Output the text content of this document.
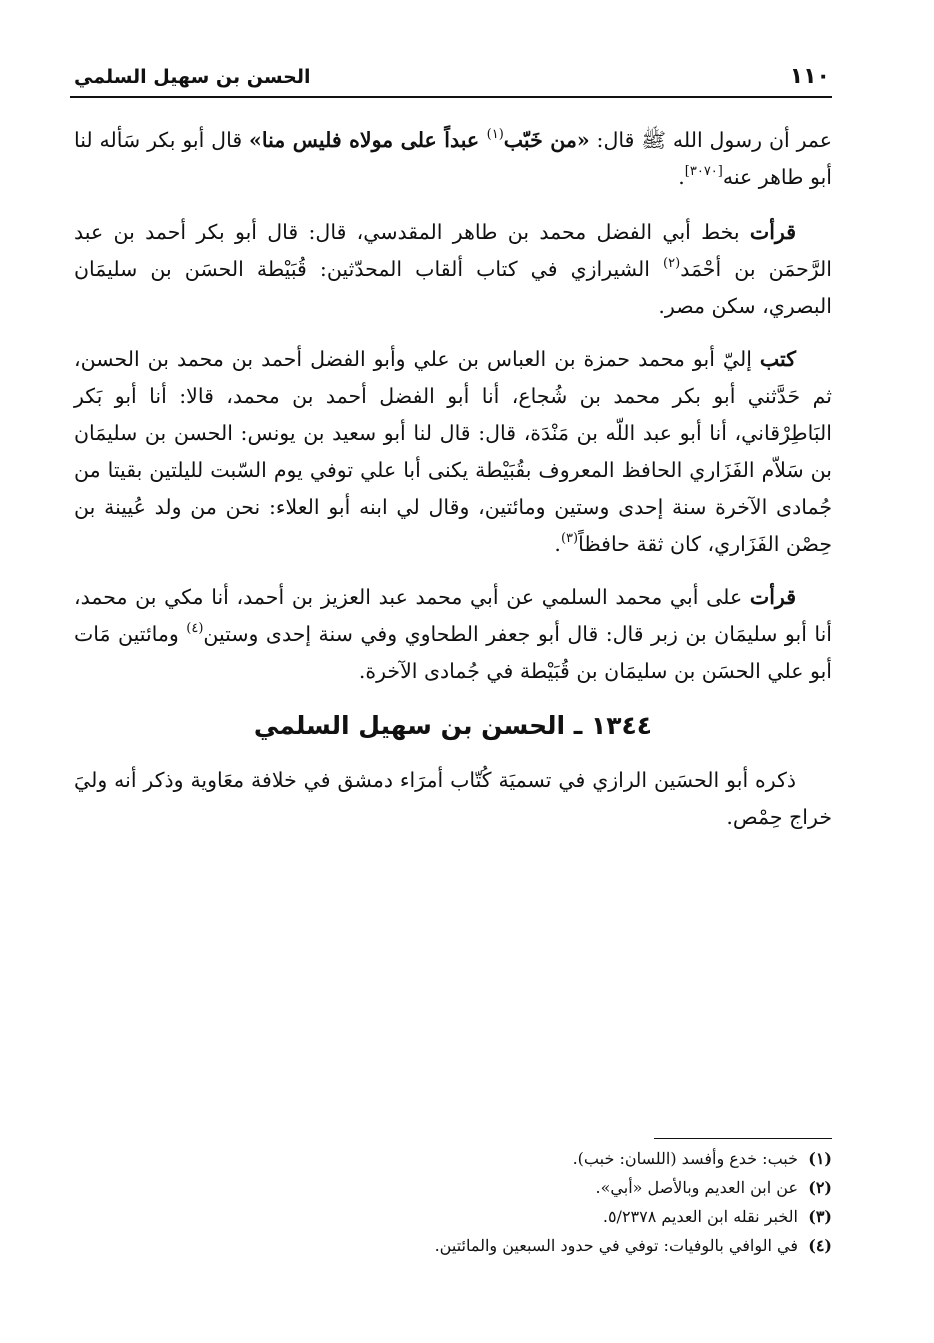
١١٠
الحسن بن سهيل السلمي

عمر أن رسول الله ﷺ قال: «من خَبّب$^{(١)}$ عبداً على مولاه فليس منا» قال أبو بكر سَأله لنا أبو طاهر عنه[٣٠٧٠].

قرأت بخط أبي الفضل محمد بن طاهر المقدسي، قال: قال أبو بكر أحمد بن عبد الرَّحمَن بن أحْمَد$^{(٢)}$ الشيرازي في كتاب ألقاب المحدّثين: قُبَيْطة الحسَن بن سليمَان البصري، سكن مصر.

كتب إليّ أبو محمد حمزة بن العباس بن علي وأبو الفضل أحمد بن محمد بن الحسن، ثم حَدَّثني أبو بكر محمد بن شُجاع، أنا أبو الفضل أحمد بن محمد، قالا: أنا أبو بَكر البَاطِرْقاني، أنا أبو عبد اللّه بن مَنْدَة، قال: قال لنا أبو سعيد بن يونس: الحسن بن سليمَان بن سَلاّم الفَزَاري الحافظ المعروف بقُبَيْطة يكنى أبا علي توفي يوم السّبت لليلتين بقيتا من جُمادى الآخرة سنة إحدى وستين ومائتين، وقال لي ابنه أبو العلاء: نحن من ولد عُيينة بن حِصْن الفَزَاري، كان ثقة حافظاً$^{(٣)}$.

قرأت على أبي محمد السلمي عن أبي محمد عبد العزيز بن أحمد، أنا مكي بن محمد، أنا أبو سليمَان بن زبر قال: قال أبو جعفر الطحاوي وفي سنة إحدى وستين$^{(٤)}$ ومائتين مَات أبو علي الحسَن بن سليمَان بن قُبَيْطة في جُمادى الآخرة.

١٣٤٤ ـ الحسن بن سهيل السلمي

ذكره أبو الحسَين الرازي في تسميَة كُتّاب أمرَاء دمشق في خلافة معَاوية وذكر أنه وليَ خراج حِمْص.

(١)خبب: خدع وأفسد (اللسان: خبب).
(٢)عن ابن العديم وبالأصل «أبي».
(٣)الخبر نقله ابن العديم ٥/٢٣٧٨.
(٤)في الوافي بالوفيات: توفي في حدود السبعين والمائتين.
